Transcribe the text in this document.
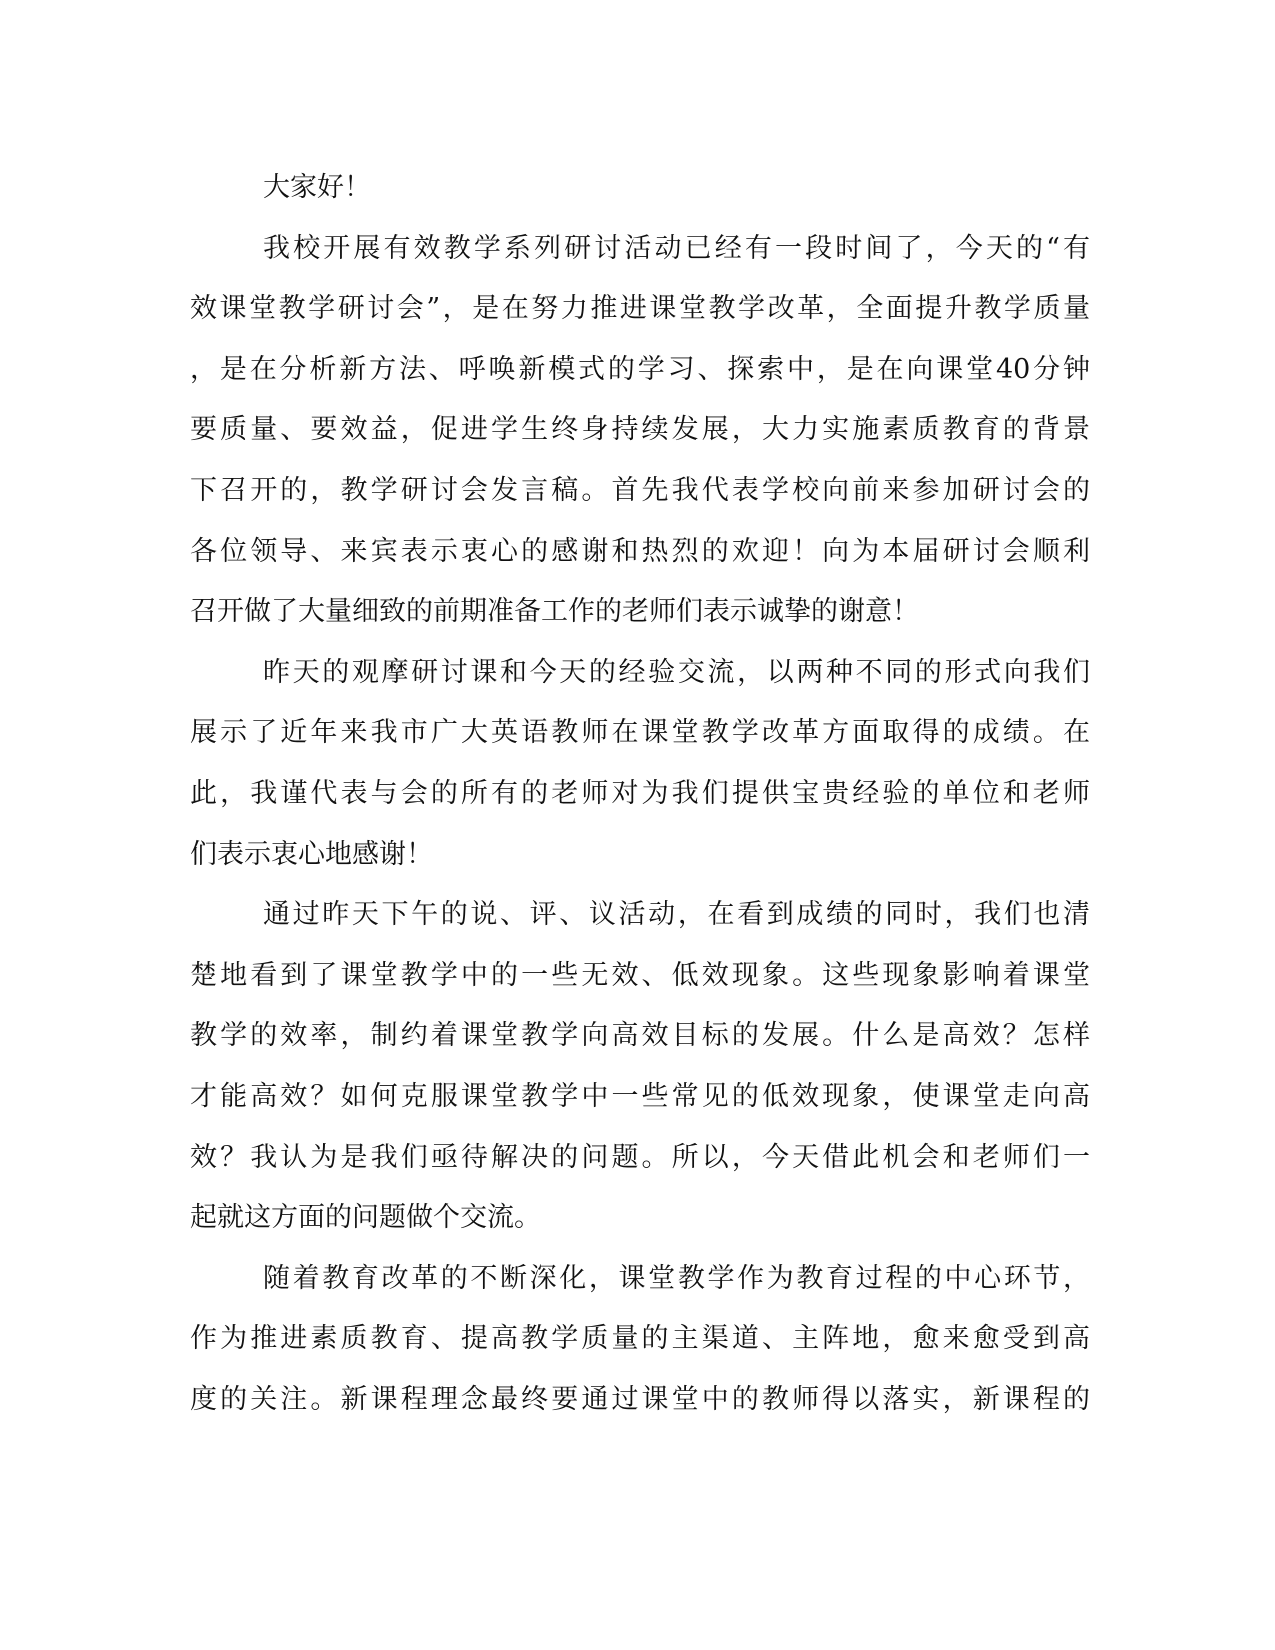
大家好！
我校开展有效教学系列研讨活动已经有一段时间了，今天的“有
效课堂教学研讨会”，是在努力推进课堂教学改革，全面提升教学质量
，是在分析新方法、呼唤新模式的学习、探索中，是在向课堂40分钟
要质量、要效益，促进学生终身持续发展，大力实施素质教育的背景
下召开的，教学研讨会发言稿。首先我代表学校向前来参加研讨会的
各位领导、来宾表示衷心的感谢和热烈的欢迎！向为本届研讨会顺利
召开做了大量细致的前期准备工作的老师们表示诚挚的谢意！
昨天的观摩研讨课和今天的经验交流，以两种不同的形式向我们
展示了近年来我市广大英语教师在课堂教学改革方面取得的成绩。在
此，我谨代表与会的所有的老师对为我们提供宝贵经验的单位和老师
们表示衷心地感谢！
通过昨天下午的说、评、议活动，在看到成绩的同时，我们也清
楚地看到了课堂教学中的一些无效、低效现象。这些现象影响着课堂
教学的效率，制约着课堂教学向高效目标的发展。什么是高效？怎样
才能高效？如何克服课堂教学中一些常见的低效现象，使课堂走向高
效？我认为是我们亟待解决的问题。所以，今天借此机会和老师们一
起就这方面的问题做个交流。
随着教育改革的不断深化，课堂教学作为教育过程的中心环节，
作为推进素质教育、提高教学质量的主渠道、主阵地，愈来愈受到高
度的关注。新课程理念最终要通过课堂中的教师得以落实，新课程的
